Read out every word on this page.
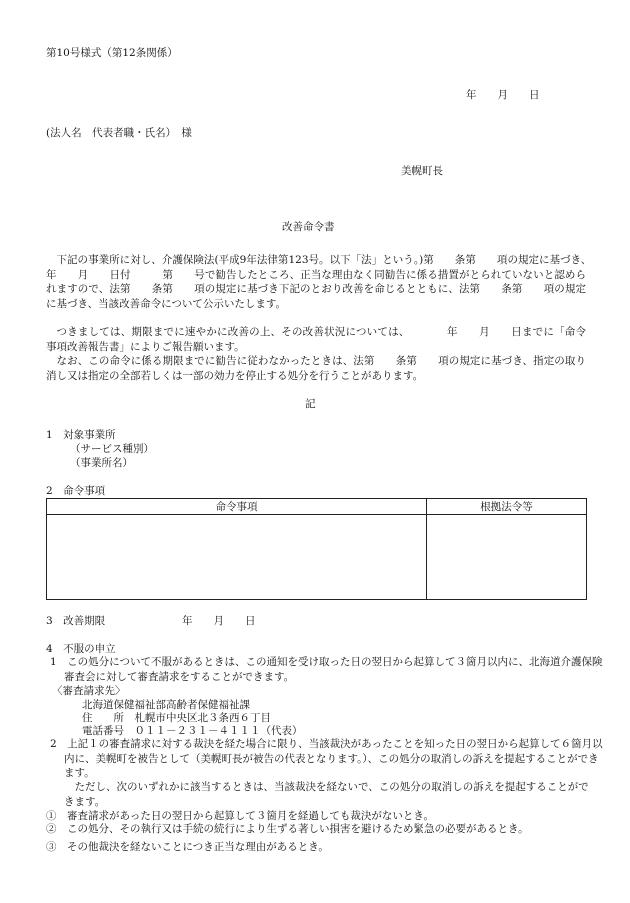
第10号様式（第12条関係）
年　　月　　日
(法人名　代表者職・氏名）　様
美幌町長
改善命令書
下記の事業所に対し、介護保険法(平成9年法律第123号。以下「法」という。)第　　条第　　項の規定に基づき、　　　年　　月　　日付　　　第　　号で勧告したところ、正当な理由なく同勧告に係る措置がとられていないと認められますので、法第　　条第　　項の規定に基づき下記のとおり改善を命じるとともに、法第　　条第　　項の規定に基づき、当該改善命令について公示いたします。
つきましては、期限までに速やかに改善の上、その改善状況については、　　　　年　　月　　日までに「命令事項改善報告書」によりご報告願います。
なお、この命令に係る期限までに勧告に従わなかったときは、法第　　条第　　項の規定に基づき、指定の取り消し又は指定の全部若しくは一部の効力を停止する処分を行うことがあります。
記
1　対象事業所
（サービス種別）
（事業所名）
2　命令事項
命令事項	根拠法令等

3　改善期限	年　　月　　日
4　不服の申立
1　この処分について不服があるときは、この通知を受け取った日の翌日から起算して３箇月以内に、北海道介護保険審査会に対して審査請求をすることができます。
〈審査請求先〉
北海道保健福祉部高齢者保健福祉課
住　　所　札幌市中央区北３条西６丁目
電話番号　０１１－２３１－４１１１（代表）
2　上記１の審査請求に対する裁決を経た場合に限り、当該裁決があったことを知った日の翌日から起算して６箇月以内に、美幌町を被告として（美幌町長が被告の代表となります。）、この処分の取消しの訴えを提起することができます。
ただし、次のいずれかに該当するときは、当該裁決を経ないで、この処分の取消しの訴えを提起することができます。
①　審査請求があった日の翌日から起算して３箇月を経過しても裁決がないとき。
②　この処分、その執行又は手続の続行により生ずる著しい損害を避けるため緊急の必要があるとき。
③　その他裁決を経ないことにつき正当な理由があるとき。
